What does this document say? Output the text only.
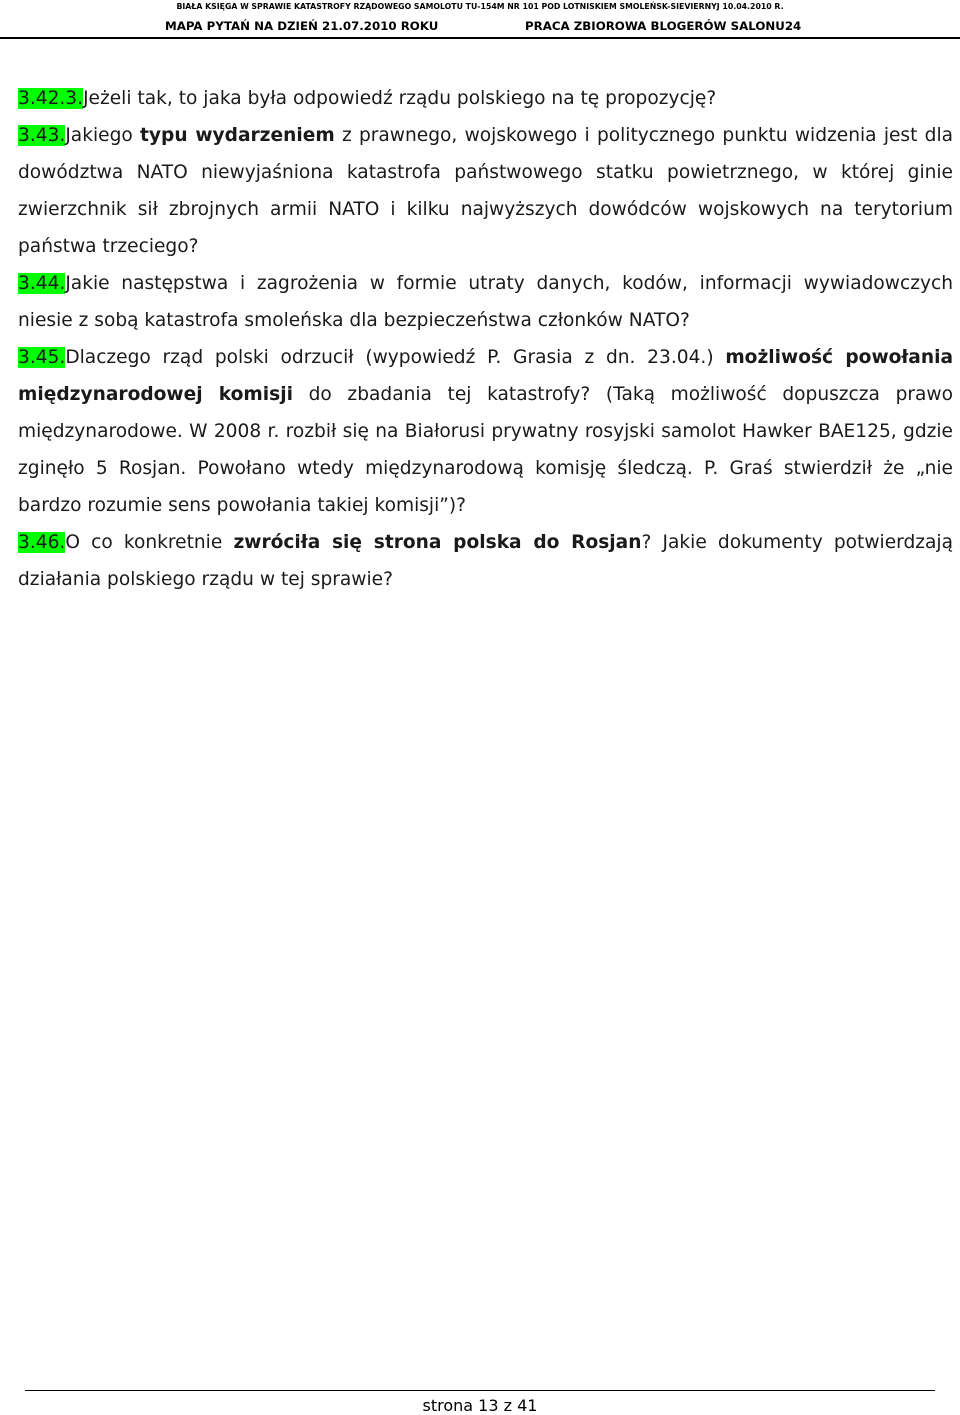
BIAŁA KSIĘGA W SPRAWIE KATASTROFY RZĄDOWEGO SAMOLOTU TU-154M NR 101 POD LOTNISKIEM SMOLEŃSK-SIEVIERNYJ 10.04.2010 R.
MAPA PYTAŃ NA DZIEŃ 21.07.2010 ROKU	PRACA ZBIOROWA BLOGERÓW SALONU24

3.42.3.Jeżeli tak, to jaka była odpowiedź rządu polskiego na tę propozycję?

3.43.Jakiego typu wydarzeniem z prawnego, wojskowego i politycznego punktu widzenia jest dla dowództwa NATO niewyjaśniona katastrofa państwowego statku powietrznego, w której ginie zwierzchnik sił zbrojnych armii NATO i kilku najwyższych dowódców wojskowych na terytorium państwa trzeciego?

3.44.Jakie następstwa i zagrożenia w formie utraty danych, kodów, informacji wywiadowczych niesie z sobą katastrofa smoleńska dla bezpieczeństwa członków NATO?

3.45.Dlaczego rząd polski odrzucił (wypowiedź P. Grasia z dn. 23.04.) możliwość powołania międzynarodowej komisji do zbadania tej katastrofy? (Taką możliwość dopuszcza prawo międzynarodowe. W 2008 r. rozbił się na Białorusi prywatny rosyjski samolot Hawker BAE125, gdzie zginęło 5 Rosjan. Powołano wtedy międzynarodową komisję śledczą. P. Graś stwierdził że „nie bardzo rozumie sens powołania takiej komisji”)?

3.46.O co konkretnie zwróciła się strona polska do Rosjan? Jakie dokumenty potwierdzają działania polskiego rządu w tej sprawie?

strona 13 z 41
